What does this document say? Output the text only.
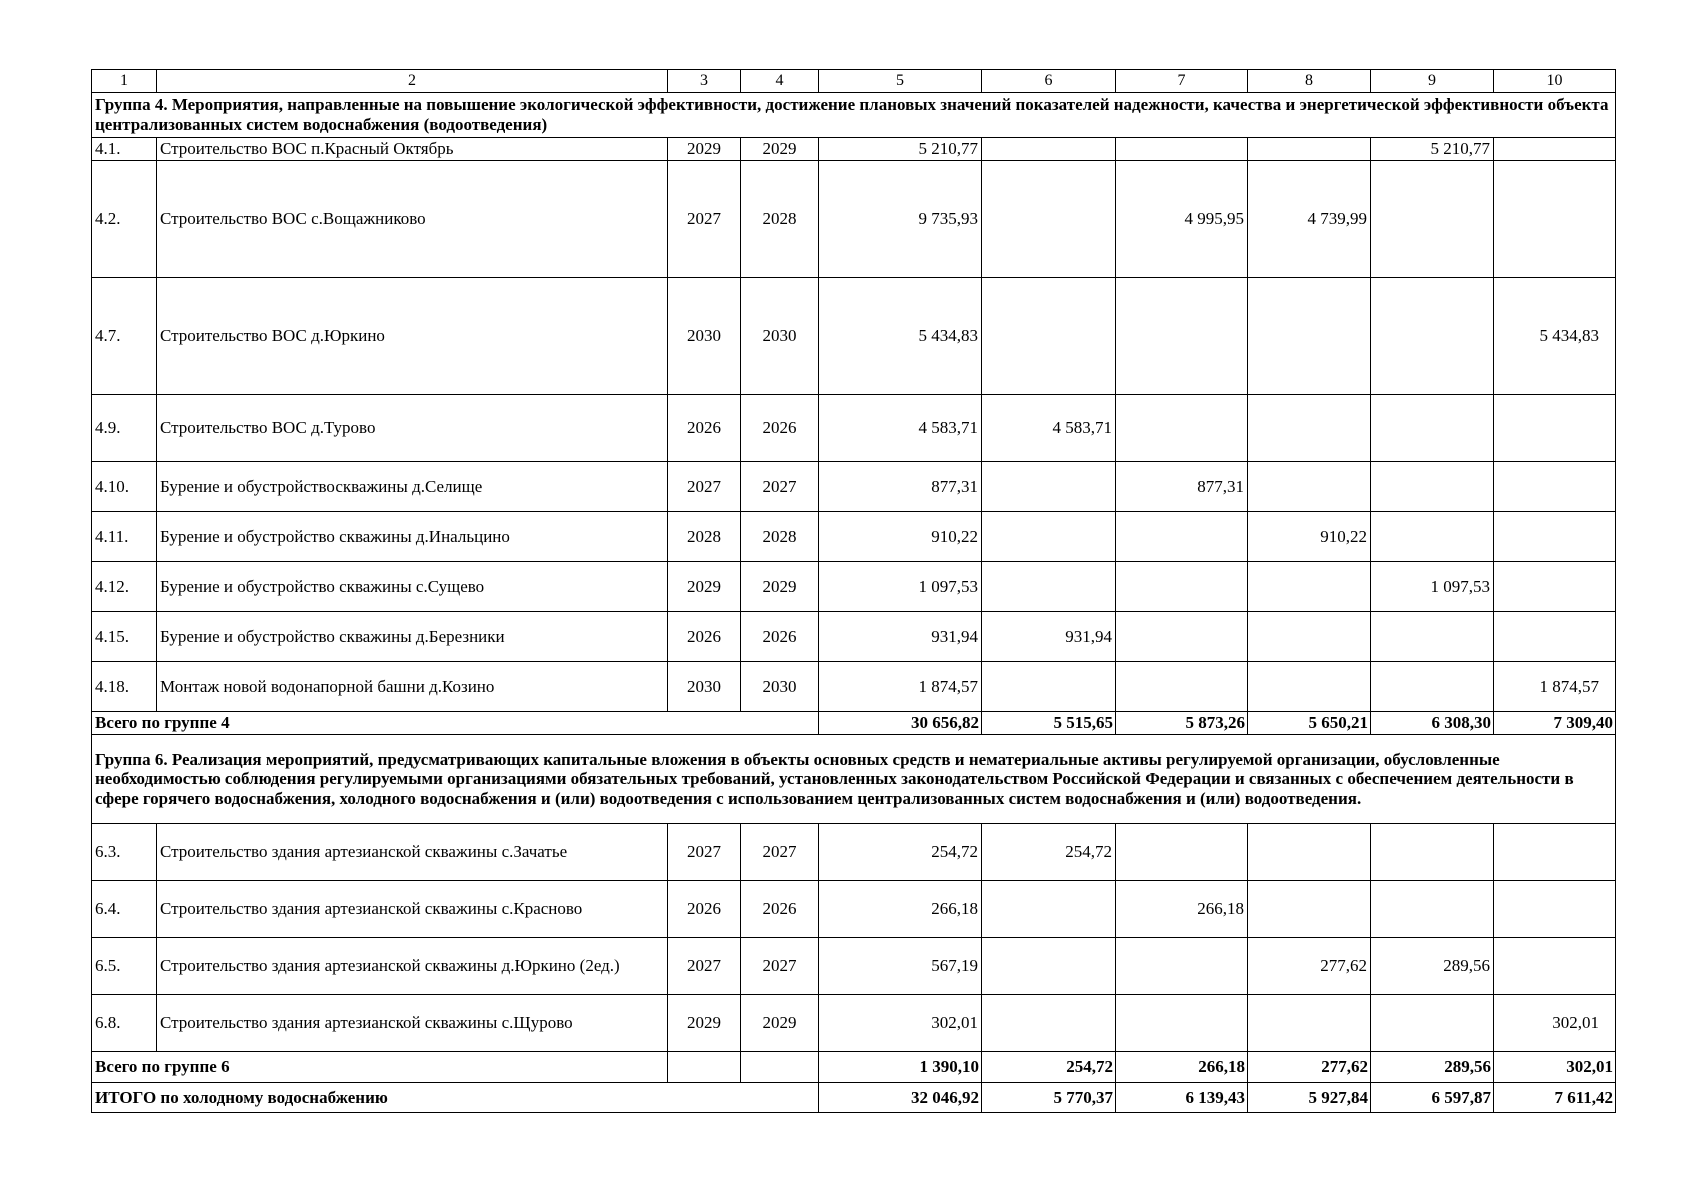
1	2	3	4	5	6	7	8	9	10
Группа 4. Мероприятия, направленные на повышение экологической эффективности, достижение плановых значений показателей надежности, качества и энергетической эффективности объекта централизованных систем водоснабжения (водоотведения)									
4.1.	Строительство ВОС п.Красный Октябрь	2029	2029	5 210,77				5 210,77	
4.2.	Строительство ВОС с.Вощажниково	2027	2028	9 735,93		4 995,95	4 739,99		
4.7.	Строительство ВОС д.Юркино	2030	2030	5 434,83					5 434,83
4.9.	Строительство ВОС д.Турово	2026	2026	4 583,71	4 583,71				
4.10.	Бурение и обустройствоскважины д.Селище	2027	2027	877,31		877,31			
4.11.	Бурение и обустройство скважины д.Инальцино	2028	2028	910,22			910,22		
4.12.	Бурение и обустройство скважины с.Сущево	2029	2029	1 097,53				1 097,53	
4.15.	Бурение и обустройство скважины д.Березники	2026	2026	931,94	931,94				
4.18.	Монтаж новой водонапорной башни д.Козино	2030	2030	1 874,57					1 874,57
Всего по группе 4				30 656,82	5 515,65	5 873,26	5 650,21	6 308,30	7 309,40
Группа 6. Реализация мероприятий, предусматривающих капитальные вложения в объекты основных средств и нематериальные активы регулируемой организации, обусловленные необходимостью соблюдения регулируемыми организациями обязательных требований, установленных законодательством Российской Федерации и связанных с обеспечением деятельности в сфере горячего водоснабжения, холодного водоснабжения и (или) водоотведения с использованием централизованных систем водоснабжения и (или) водоотведения.									
6.3.	Строительство здания артезианской скважины с.Зачатье	2027	2027	254,72	254,72				
6.4.	Строительство здания артезианской скважины с.Красново	2026	2026	266,18		266,18			
6.5.	Строительство здания артезианской скважины д.Юркино (2ед.)	2027	2027	567,19			277,62	289,56	
6.8.	Строительство здания артезианской скважины с.Щурово	2029	2029	302,01					302,01
Всего по группе 6				1 390,10	254,72	266,18	277,62	289,56	302,01
ИТОГО по холодному водоснабжению				32 046,92	5 770,37	6 139,43	5 927,84	6 597,87	7 611,42
